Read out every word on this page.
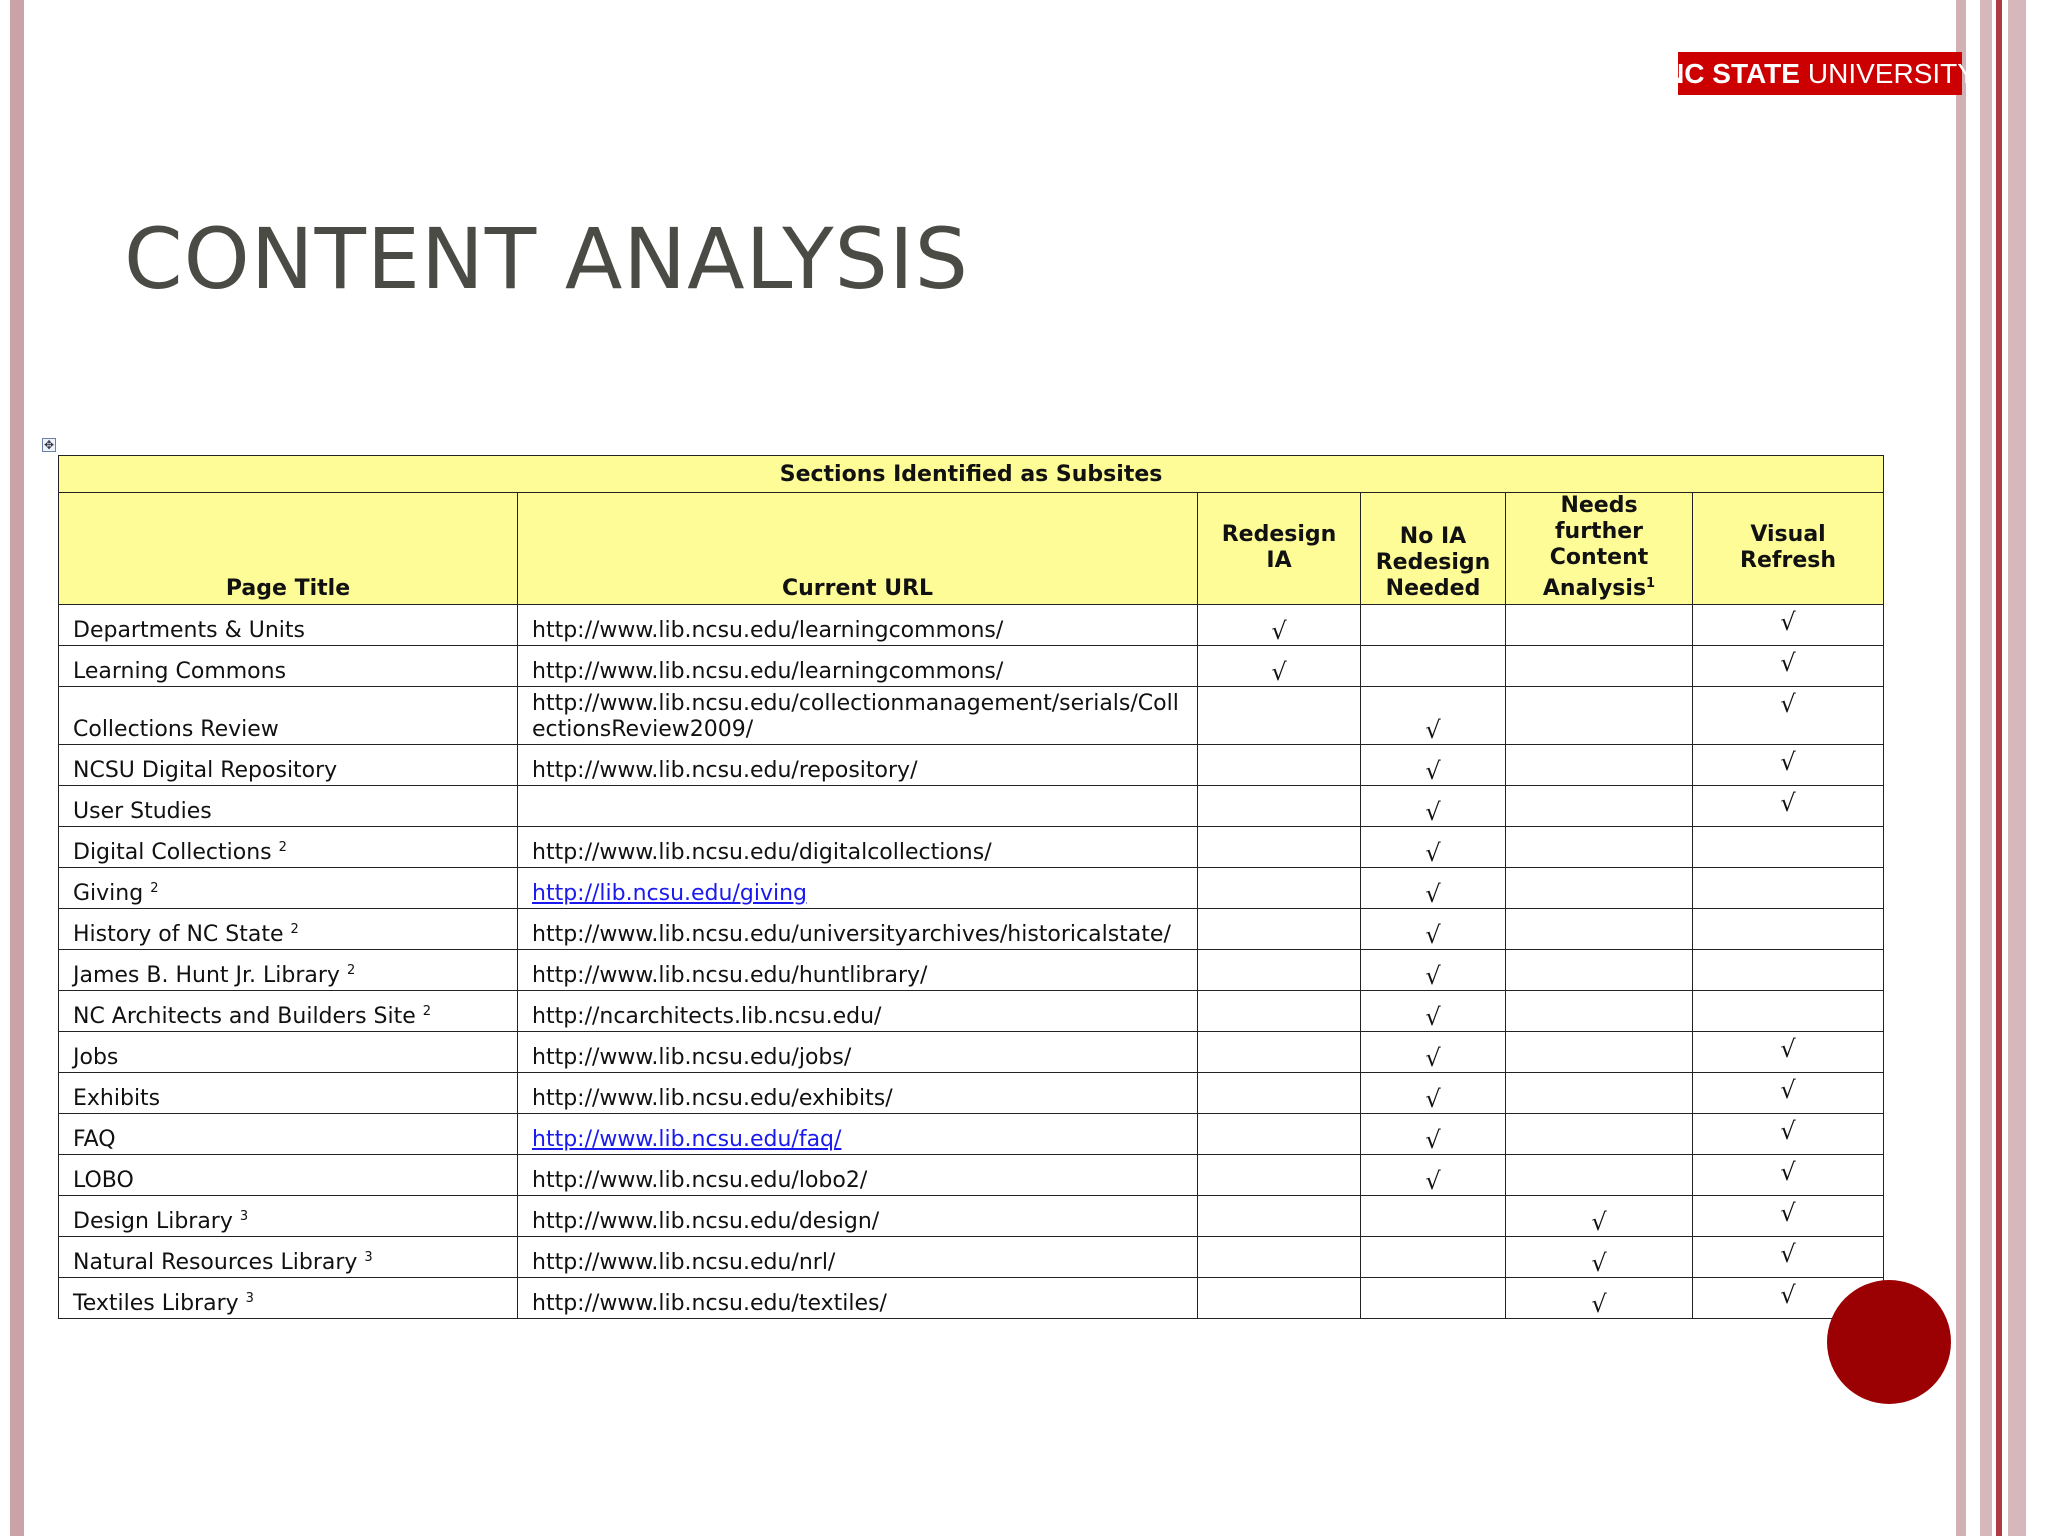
NC STATE UNIVERSITY
CONTENT ANALYSIS
✥
Sections Identified as Subsites					
Page Title	Current URL	Redesign IA	No IA Redesign Needed	Needs further Content Analysis$^1$	Visual Refresh
Departments & Units	http://www.lib.ncsu.edu/learningcommons/	√			√
Learning Commons	http://www.lib.ncsu.edu/learningcommons/	√			√
Collections Review	http://www.lib.ncsu.edu/collectionmanagement/serials/CollectionsReview2009/		√		√
NCSU Digital Repository	http://www.lib.ncsu.edu/repository/		√		√
User Studies			√		√
Digital Collections $^2$	http://www.lib.ncsu.edu/digitalcollections/		√		
Giving $^2$	http://lib.ncsu.edu/giving		√		
History of NC State $^2$	http://www.lib.ncsu.edu/universityarchives/historicalstate/		√		
James B. Hunt Jr. Library $^2$	http://www.lib.ncsu.edu/huntlibrary/		√		
NC Architects and Builders Site $^2$	http://ncarchitects.lib.ncsu.edu/		√		
Jobs	http://www.lib.ncsu.edu/jobs/		√		√
Exhibits	http://www.lib.ncsu.edu/exhibits/		√		√
FAQ	http://www.lib.ncsu.edu/faq/		√		√
LOBO	http://www.lib.ncsu.edu/lobo2/		√		√
Design Library $^3$	http://www.lib.ncsu.edu/design/			√	√
Natural Resources Library $^3$	http://www.lib.ncsu.edu/nrl/			√	√
Textiles Library $^3$	http://www.lib.ncsu.edu/textiles/			√	√
